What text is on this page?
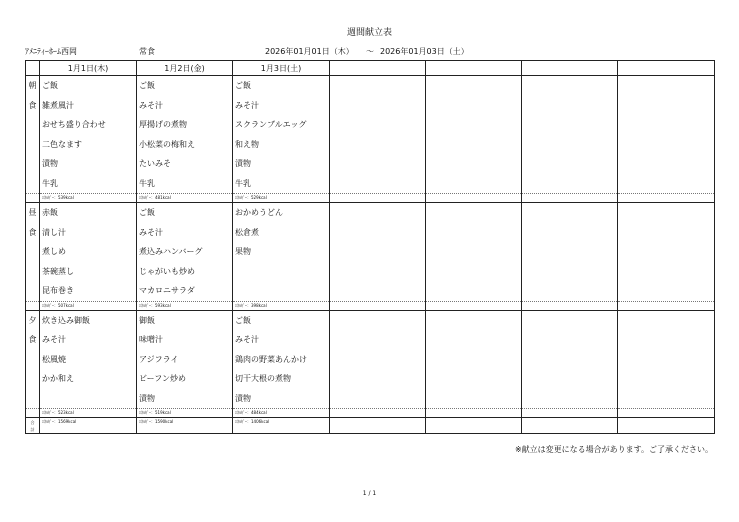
週間献立表
ｱﾒﾆﾃｨｰﾎｰﾑ西岡	常食	2026年01月01日（木） ～ 2026年01月03日（土）
	1月1日(木)	1月2日(金)	1月3日(土)				
朝	ご飯	ご飯	ご飯				
食	雑煮風汁	みそ汁	みそ汁				
	おせち盛り合わせ	厚揚げの煮物	スクランブルエッグ				
	二色なます	小松菜の梅和え	和え物				
	漬物	たいみそ	漬物				
	牛乳	牛乳	牛乳				
	ｴﾈﾙｷﾞｰ：539kcal	ｴﾈﾙｷﾞｰ：481kcal	ｴﾈﾙｷﾞｰ：529kcal				
昼	赤飯	ご飯	おかめうどん				
食	清し汁	みそ汁	松倉煮				
	煮しめ	煮込みハンバーグ	果物				
	茶碗蒸し	じゃがいも炒め					
	昆布巻き	マカロニサラダ					
	ｴﾈﾙｷﾞｰ：507kcal	ｴﾈﾙｷﾞｰ：593kcal	ｴﾈﾙｷﾞｰ：398kcal				
夕	炊き込み御飯	御飯	ご飯				
食	みそ汁	味噌汁	みそ汁				
	松風焼	アジフライ	鶏肉の野菜あんかけ				
	かか和え	ビーフン炒め	切干大根の煮物				
		漬物	漬物				
	ｴﾈﾙｷﾞｰ：523kcal	ｴﾈﾙｷﾞｰ：519kcal	ｴﾈﾙｷﾞｰ：484kcal				

合
計	ｴﾈﾙｷﾞｰ：1569kcal	ｴﾈﾙｷﾞｰ：1590kcal	ｴﾈﾙｷﾞｰ：1406kcal				
※献立は変更になる場合があります。ご了承ください。
1 / 1
